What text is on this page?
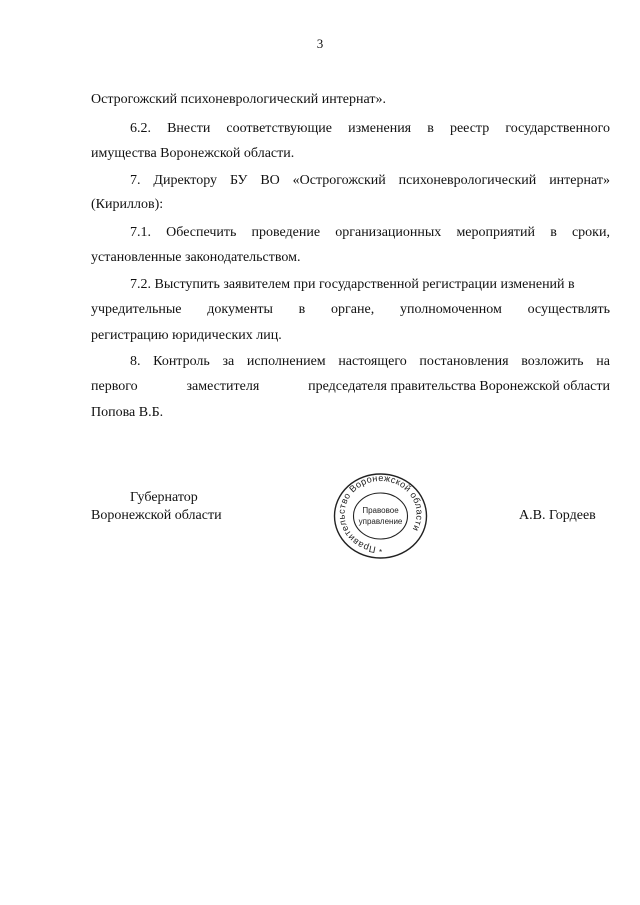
3
Острогожский психоневрологический интернат».
6.2. Внести соответствующие изменения в реестр государственного
имущества Воронежской области.
7. Директору БУ ВО «Острогожский психоневрологический интернат»
(Кириллов):
7.1. Обеспечить проведение организационных мероприятий в сроки,
установленные законодательством.
7.2. Выступить заявителем при государственной регистрации изменений в
учредительные документы в органе, уполномоченном осуществлять
регистрацию юридических лиц.
8. Контроль за исполнением настоящего постановления возложить на
первого	заместителя	председателя правительства Воронежской области
Попова В.Б.
Губернатор
Воронежской области	А.В. Гордеев
Правительство Воронежской области
Правовое
управление
*
